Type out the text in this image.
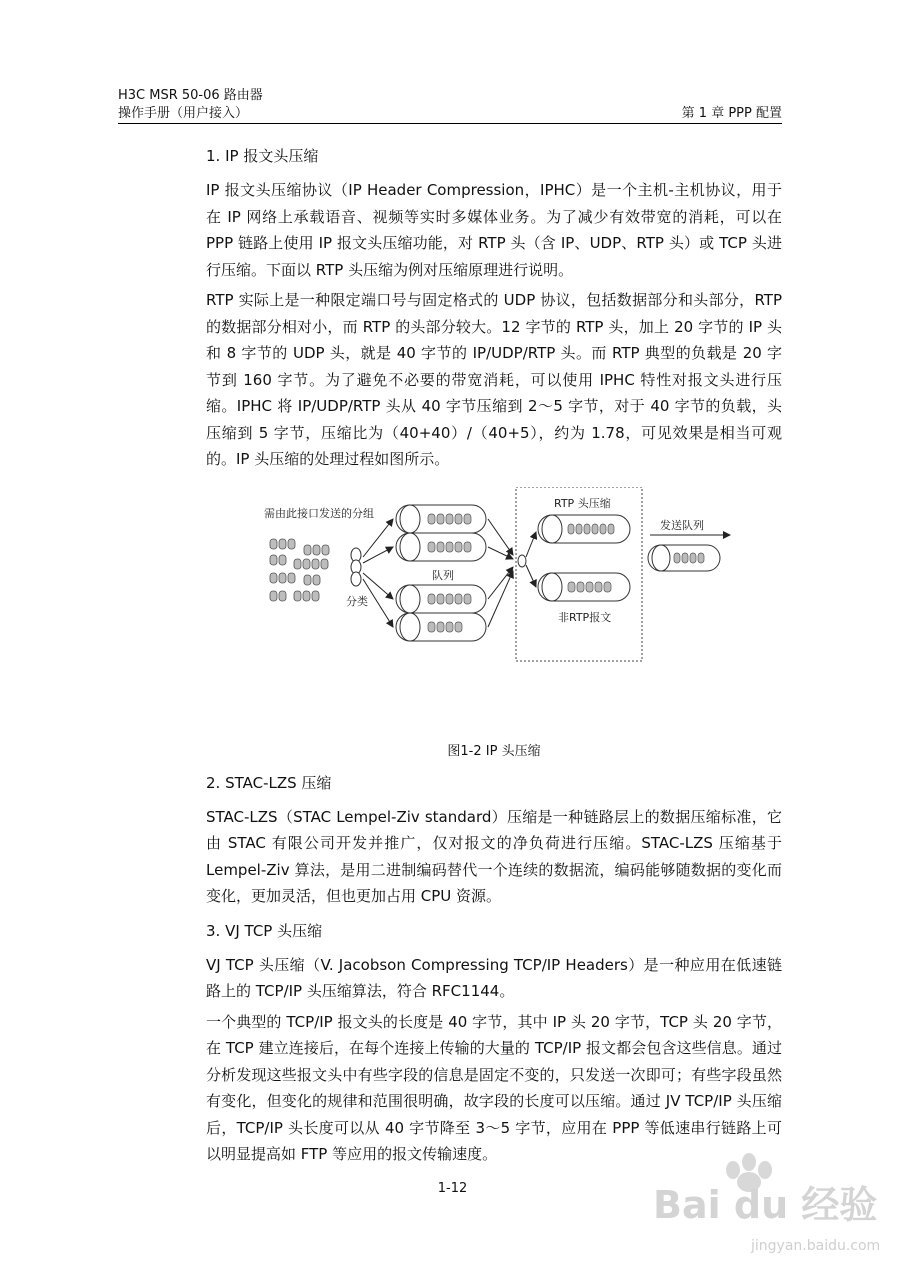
H3C MSR 50-06 路由器
操作手册（用户接入）	第 1 章 PPP 配置

1. IP 报文头压缩

IP 报文头压缩协议（IP Header Compression，IPHC）是一个主机-主机协议，用于在 IP 网络上承载语音、视频等实时多媒体业务。为了减少有效带宽的消耗，可以在 PPP 链路上使用 IP 报文头压缩功能，对 RTP 头（含 IP、UDP、RTP 头）或 TCP 头进行压缩。下面以 RTP 头压缩为例对压缩原理进行说明。

RTP 实际上是一种限定端口号与固定格式的 UDP 协议，包括数据部分和头部分，RTP 的数据部分相对小，而 RTP 的头部分较大。12 字节的 RTP 头，加上 20 字节的 IP 头和 8 字节的 UDP 头，就是 40 字节的 IP/UDP/RTP 头。而 RTP 典型的负载是 20 字节到 160 字节。为了避免不必要的带宽消耗，可以使用 IPHC 特性对报文头进行压缩。IPHC 将 IP/UDP/RTP 头从 40 字节压缩到 2～5 字节，对于 40 字节的负载，头压缩到 5 字节，压缩比为（40+40）/（40+5），约为 1.78，可见效果是相当可观的。IP 头压缩的处理过程如图所示。

需由此接口发送的分组
分类
队列
RTP 头压缩
非RTP报文
发送队列
图1-2 IP 头压缩

2. STAC-LZS 压缩

STAC-LZS（STAC Lempel-Ziv standard）压缩是一种链路层上的数据压缩标准，它由 STAC 有限公司开发并推广，仅对报文的净负荷进行压缩。STAC-LZS 压缩基于 Lempel-Ziv 算法，是用二进制编码替代一个连续的数据流，编码能够随数据的变化而变化，更加灵活，但也更加占用 CPU 资源。

3. VJ TCP 头压缩

VJ TCP 头压缩（V. Jacobson Compressing TCP/IP Headers）是一种应用在低速链路上的 TCP/IP 头压缩算法，符合 RFC1144。

一个典型的 TCP/IP 报文头的长度是 40 字节，其中 IP 头 20 字节，TCP 头 20 字节，在 TCP 建立连接后，在每个连接上传输的大量的 TCP/IP 报文都会包含这些信息。通过分析发现这些报文头中有些字段的信息是固定不变的，只发送一次即可；有些字段虽然有变化，但变化的规律和范围很明确，故字段的长度可以压缩。通过 JV TCP/IP 头压缩后，TCP/IP 头长度可以从 40 字节降至 3～5 字节，应用在 PPP 等低速串行链路上可以明显提高如 FTP 等应用的报文传输速度。

1-12	Bai du 经验
jingyan.baidu.com
